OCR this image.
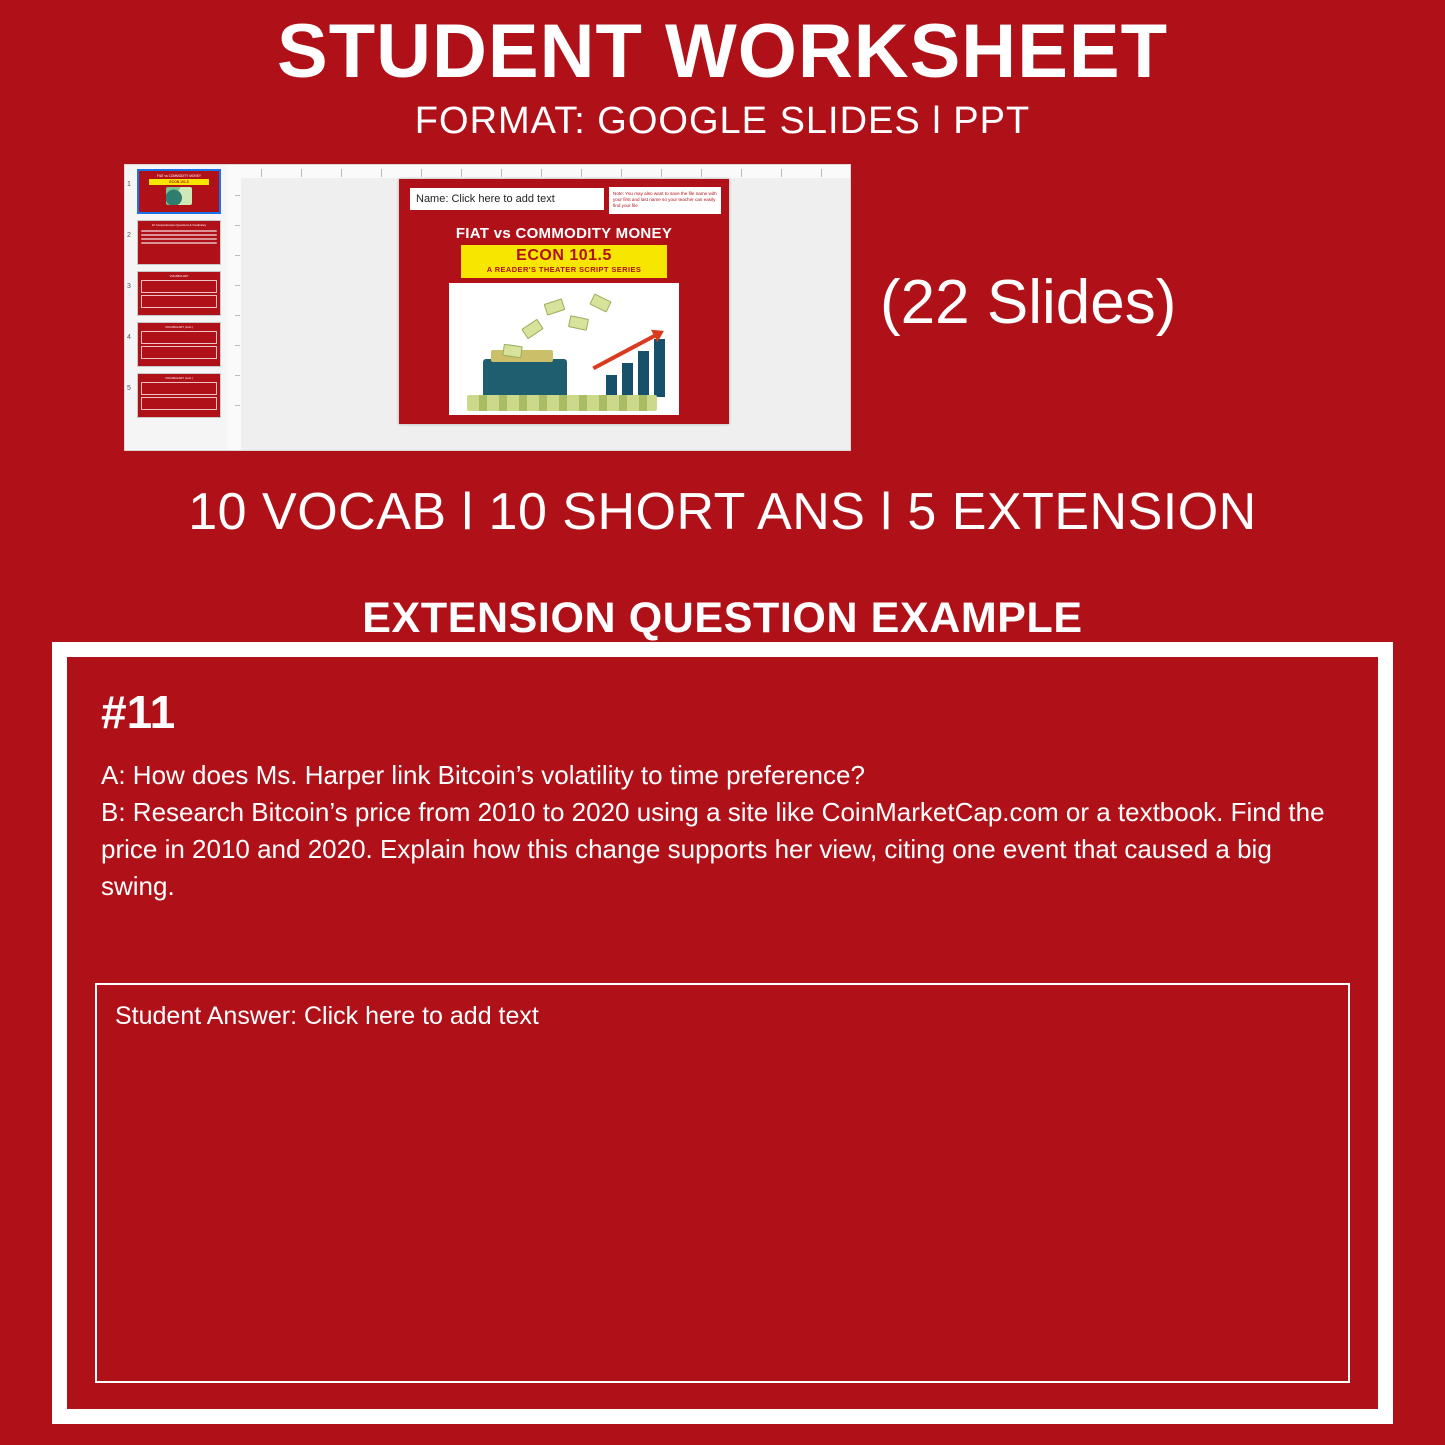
STUDENT WORKSHEET
FORMAT: GOOGLE SLIDES l PPT
1
FIAT vs COMMODITY MONEY
ECON 101.5
2
10 Comprehension Questions & Vocabulary
3
VOCABULARY
4
VOCABULARY (cont.)
5
VOCABULARY (cont.)
Name: Click here to add text	Note: You may also want to save the file name with your first and last name so your teacher can easily find your file
FIAT vs COMMODITY MONEY
ECON 101.5
A READER'S THEATER SCRIPT SERIES	(22 Slides)
10 VOCAB l 10 SHORT ANS l 5 EXTENSION
EXTENSION QUESTION EXAMPLE
#11
A: How does Ms. Harper link Bitcoin’s volatility to time preference?
B: Research Bitcoin’s price from 2010 to 2020 using a site like CoinMarketCap.com or a textbook. Find the price in 2010 and 2020. Explain how this change supports her view, citing one event that caused a big swing.
Student Answer: Click here to add text
